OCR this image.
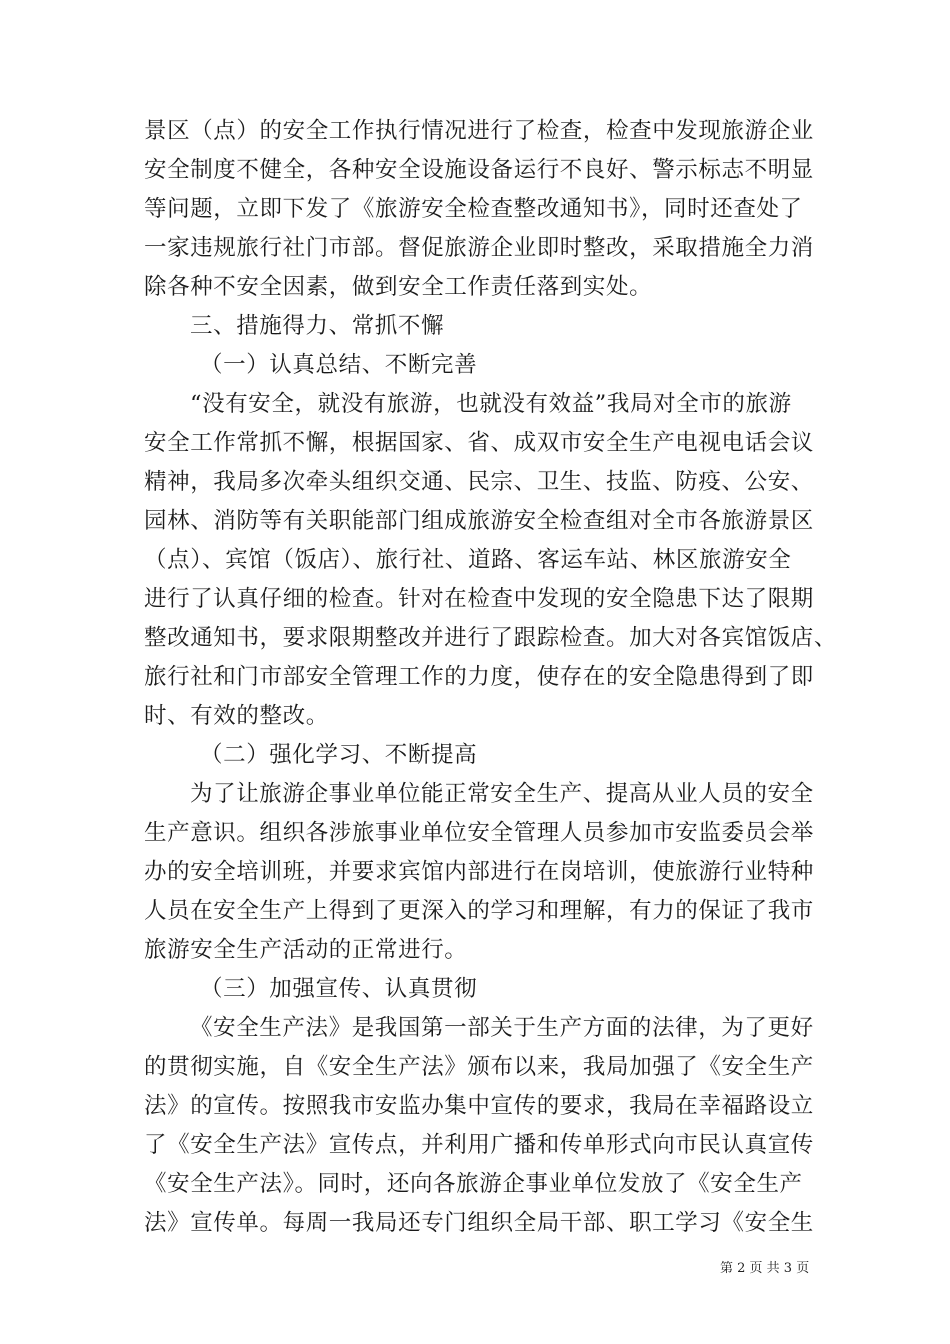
景区（点）的安全工作执行情况进行了检查，检查中发现旅游企业
安全制度不健全，各种安全设施设备运行不良好、警示标志不明显
等问题，立即下发了《旅游安全检查整改通知书》，同时还查处了
一家违规旅行社门市部。督促旅游企业即时整改，采取措施全力消
除各种不安全因素，做到安全工作责任落到实处。
三、措施得力、常抓不懈
（一）认真总结、不断完善
“没有安全，就没有旅游，也就没有效益”我局对全市的旅游
安全工作常抓不懈，根据国家、省、成双市安全生产电视电话会议
精神，我局多次牵头组织交通、民宗、卫生、技监、防疫、公安、
园林、消防等有关职能部门组成旅游安全检查组对全市各旅游景区
（点）、宾馆（饭店）、旅行社、道路、客运车站、林区旅游安全
进行了认真仔细的检查。针对在检查中发现的安全隐患下达了限期
整改通知书，要求限期整改并进行了跟踪检查。加大对各宾馆饭店、
旅行社和门市部安全管理工作的力度，使存在的安全隐患得到了即
时、有效的整改。
（二）强化学习、不断提高
为了让旅游企事业单位能正常安全生产、提高从业人员的安全
生产意识。组织各涉旅事业单位安全管理人员参加市安监委员会举
办的安全培训班，并要求宾馆内部进行在岗培训，使旅游行业特种
人员在安全生产上得到了更深入的学习和理解，有力的保证了我市
旅游安全生产活动的正常进行。
（三）加强宣传、认真贯彻
《安全生产法》是我国第一部关于生产方面的法律，为了更好
的贯彻实施，自《安全生产法》颁布以来，我局加强了《安全生产
法》的宣传。按照我市安监办集中宣传的要求，我局在幸福路设立
了《安全生产法》宣传点，并利用广播和传单形式向市民认真宣传
《安全生产法》。同时，还向各旅游企事业单位发放了《安全生产
法》宣传单。每周一我局还专门组织全局干部、职工学习《安全生
第 2 页 共 3 页
